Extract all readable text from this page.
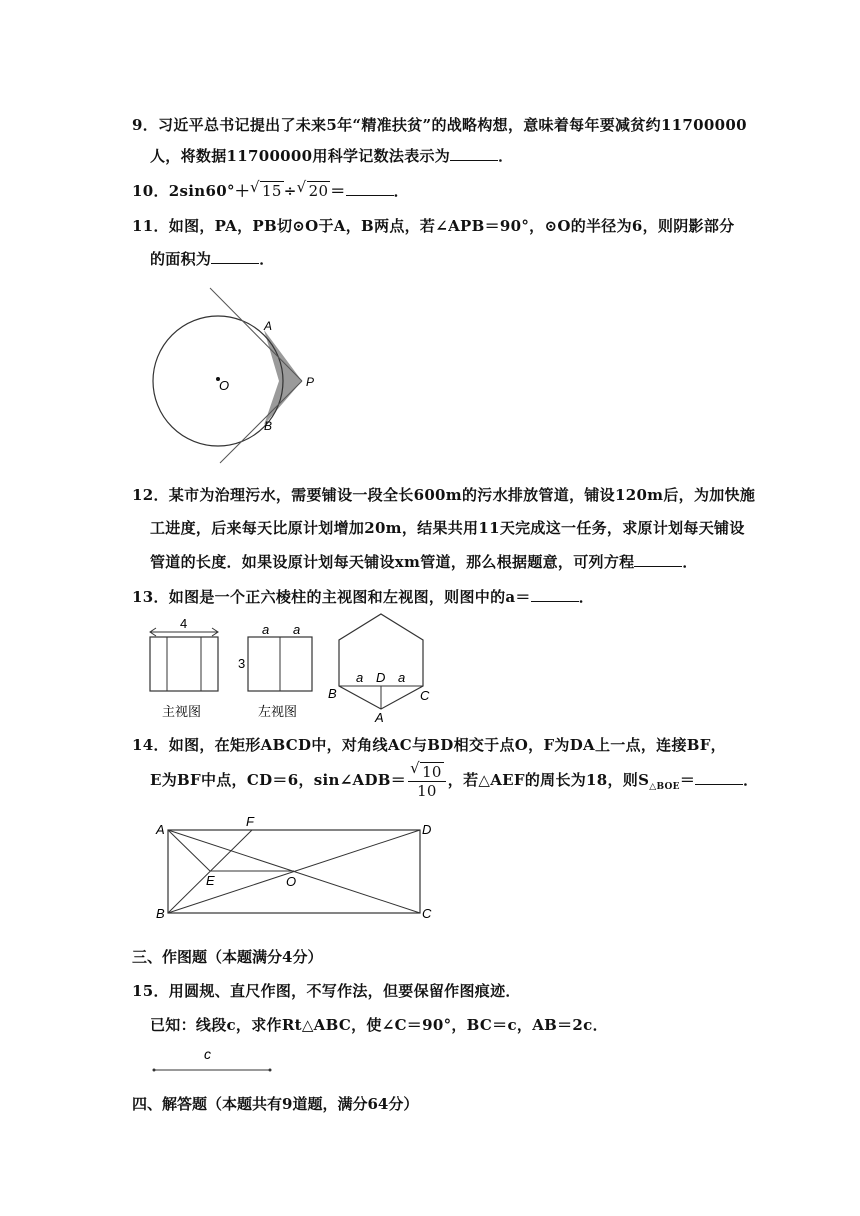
9．习近平总书记提出了未来5年“精准扶贫”的战略构想，意味着每年要减贫约11700000
人，将数据11700000用科学记数法表示为	．
10．2sin60°＋ √ 15 ÷ √ 20 ＝	．
11．如图，PA，PB切⊙O于A，B两点，若∠APB＝90°，⊙O的半径为6，则阴影部分
的面积为	．
O
A
P
B
12．某市为治理污水，需要铺设一段全长600m的污水排放管道，铺设120m后，为加快施
工进度，后来每天比原计划增加20m，结果共用11天完成这一任务，求原计划每天铺设
管道的长度．如果设原计划每天铺设xm管道，那么根据题意，可列方程	．
13．如图是一个正六棱柱的主视图和左视图，则图中的a＝	．
4
主视图
a a
3
左视图
a D a
B	C
A
14．如图，在矩形ABCD中，对角线AC与BD相交于点O，F为DA上一点，连接BF，
E为BF中点，CD＝6，sin∠ADB＝ $\frac{√ 10}{10}$ ，若△AEF的周长为18，则$S_{\triangle BOE}=$	．
A
F
D
E	O
B	C
三、作图题（本题满分4分）
15．用圆规、直尺作图，不写作法，但要保留作图痕迹．
已知：线段c，求作Rt△ABC，使∠C＝90°，BC＝c，AB＝2c．
c
四、解答题（本题共有9道题，满分64分）
